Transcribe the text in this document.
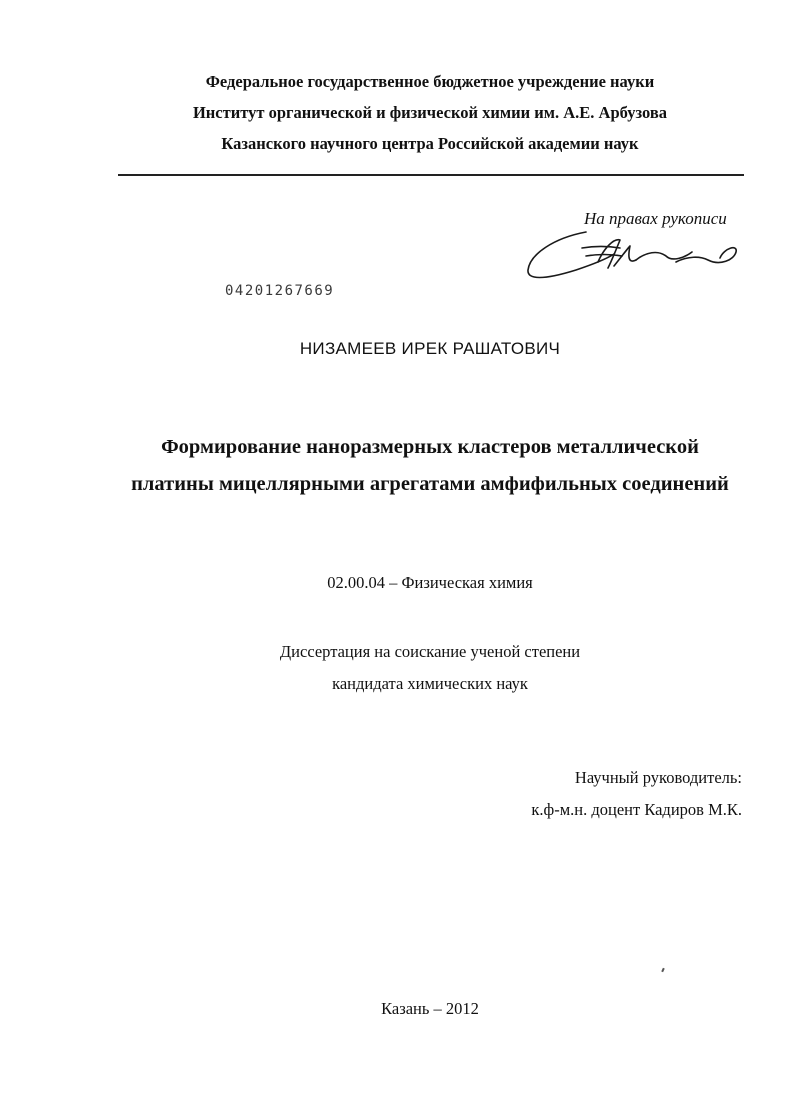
Федеральное государственное бюджетное учреждение науки
Институт органической и физической химии им. А.Е. Арбузова
Казанского научного центра Российской академии наук
На правах рукописи
04201267669
НИЗАМЕЕВ ИРЕК РАШАТОВИЧ
Формирование наноразмерных кластеров металлической
платины мицеллярными агрегатами амфифильных соединений
02.00.04 – Физическая химия
Диссертация на соискание ученой степени
кандидата химических наук
Научный руководитель:
к.ф-м.н. доцент Кадиров М.К.
Казань – 2012
